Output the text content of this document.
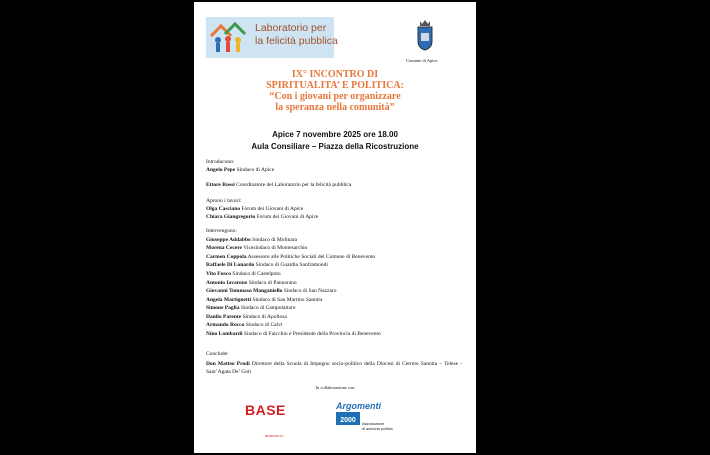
Laboratorio per
la felicità pubblica
Comune di Apice
IX° INCONTRO DI
SPIRITUALITA’ E POLITICA:
“Con i giovani per organizzare
la speranza nella comunità”
Apice 7 novembre 2025 ore 18.00
Aula Consiliare – Piazza della Ricostruzione
Introducono:
Angelo Pepe Sindaco di Apice
Ettore Rossi Coordinatore del Laboratorio per la felicità pubblica
Aprono i lavori:
Olga Casciano Forum dei Giovani di Apice
Chiara Giangregorio Forum dei Giovani di Apice
Intervengono:
Giuseppe Addabbo Sindaco di Molinara
Morena Cecere Vicesindaco di Montesarchio
Carmen Coppola Assessore alle Politiche Sociali del Comune di Benevento
Raffaele Di Lonardo Sindaco di Guardia Sanframondi
Vito Fusco Sindaco di Castelpoto
Antonio Iavarone Sindaco di Pannarano
Giovanni Tommaso Manganiello Sindaco di San Nazzaro
Angela Martignetti Sindaco di San Martino Sannita
Simone Paglia Sindaco di Campolattaro
Danilo Parente Sindaco di Apollosa
Armando Rocco Sindaco di Calvi
Nino Lombardi Sindaco di Faicchio e Presidente della Provincia di Benevento
Conclude:
Don Matteo Prodi Direttore della Scuola di Impegno socio-politico della Diocesi di Cerreto Sannita – Telese - Sant’Agata De’ Goti
In collaborazione con
BASE
BENEVENTO
2000
Argomenti
Associazione
di amicizia politica
